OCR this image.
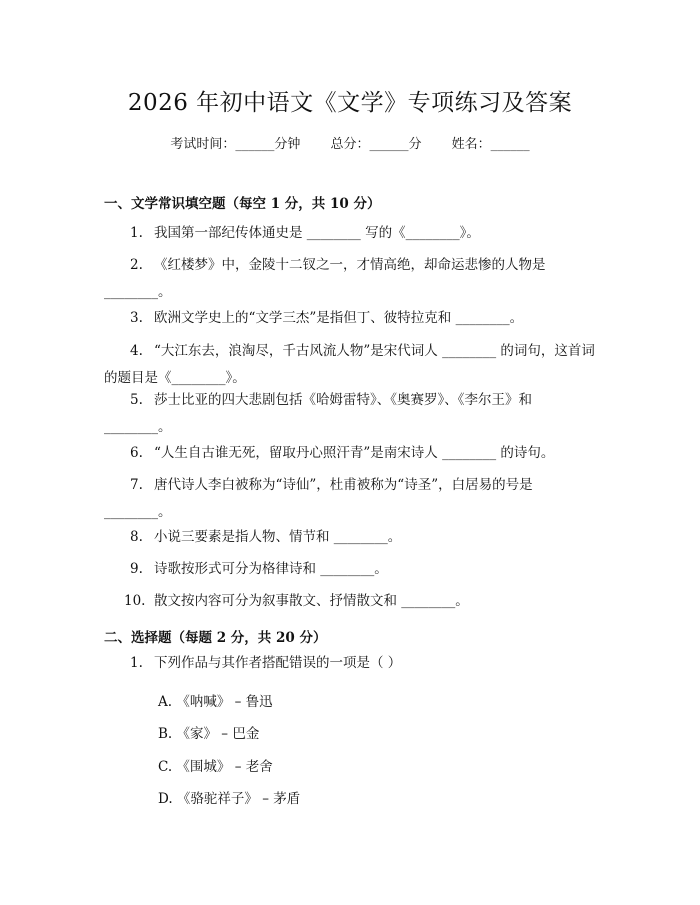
2026 年初中语文《文学》专项练习及答案
考试时间：______分钟 总分：______分 姓名：______
一、文学常识填空题（每空 1 分，共 10 分）
1. 我国第一部纪传体通史是 ________ 写的《________》。
2. 《红楼梦》中，金陵十二钗之一，才情高绝，却命运悲惨的人物是 ________。
3. 欧洲文学史上的“文学三杰”是指但丁、彼特拉克和 ________。
4. “大江东去，浪淘尽，千古风流人物”是宋代词人 ________ 的词句，这首词的题目是《________》。
5. 莎士比亚的四大悲剧包括《哈姆雷特》、《奥赛罗》、《李尔王》和 ________。
6. “人生自古谁无死，留取丹心照汗青”是南宋诗人 ________ 的诗句。
7. 唐代诗人李白被称为“诗仙”，杜甫被称为“诗圣”，白居易的号是 ________。
8. 小说三要素是指人物、情节和 ________。
9. 诗歌按形式可分为格律诗和 ________。
10. 散文按内容可分为叙事散文、抒情散文和 ________。
二、选择题（每题 2 分，共 20 分）
1. 下列作品与其作者搭配错误的一项是（ ）
A. 《呐喊》 – 鲁迅
B. 《家》 – 巴金
C. 《围城》 – 老舍
D. 《骆驼祥子》 – 茅盾
